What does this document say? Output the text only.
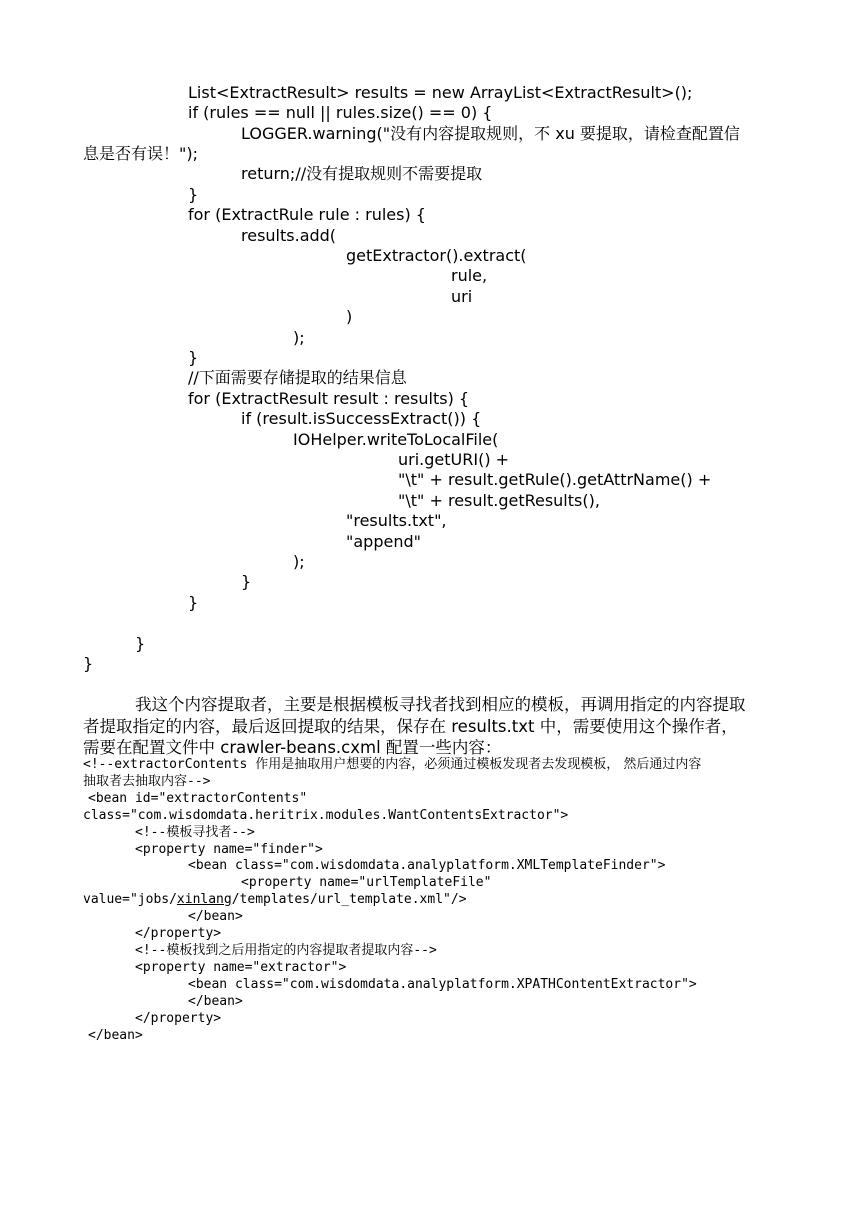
List<ExtractResult> results = new ArrayList<ExtractResult>();
if (rules == null || rules.size() == 0) {
LOGGER.warning("没有内容提取规则，不 xu 要提取，请检查配置信
息是否有误！");
return;//没有提取规则不需要提取
}
for (ExtractRule rule : rules) {
results.add(
getExtractor().extract(
rule,
uri
)
);
}
//下面需要存储提取的结果信息
for (ExtractResult result : results) {
if (result.isSuccessExtract()) {
IOHelper.writeToLocalFile(
uri.getURI() +
"\t" + result.getRule().getAttrName() +
"\t" + result.getResults(),
"results.txt",
"append"
);
}
}
}
}
我这个内容提取者，主要是根据模板寻找者找到相应的模板，再调用指定的内容提取
者提取指定的内容，最后返回提取的结果，保存在 results.txt 中，需要使用这个操作者，
需要在配置文件中 crawler-beans.cxml 配置一些内容：
<!--extractorContents 作用是抽取用户想要的内容，必须通过模板发现者去发现模板， 然后通过内容
抽取者去抽取内容-->
<bean id="extractorContents"
class="com.wisdomdata.heritrix.modules.WantContentsExtractor">
<!--模板寻找者-->
<property name="finder">
<bean class="com.wisdomdata.analyplatform.XMLTemplateFinder">
<property name="urlTemplateFile"
value="jobs/xinlang/templates/url_template.xml"/>
</bean>
</property>
<!--模板找到之后用指定的内容提取者提取内容-->
<property name="extractor">
<bean class="com.wisdomdata.analyplatform.XPATHContentExtractor">
</bean>
</property>
</bean>
